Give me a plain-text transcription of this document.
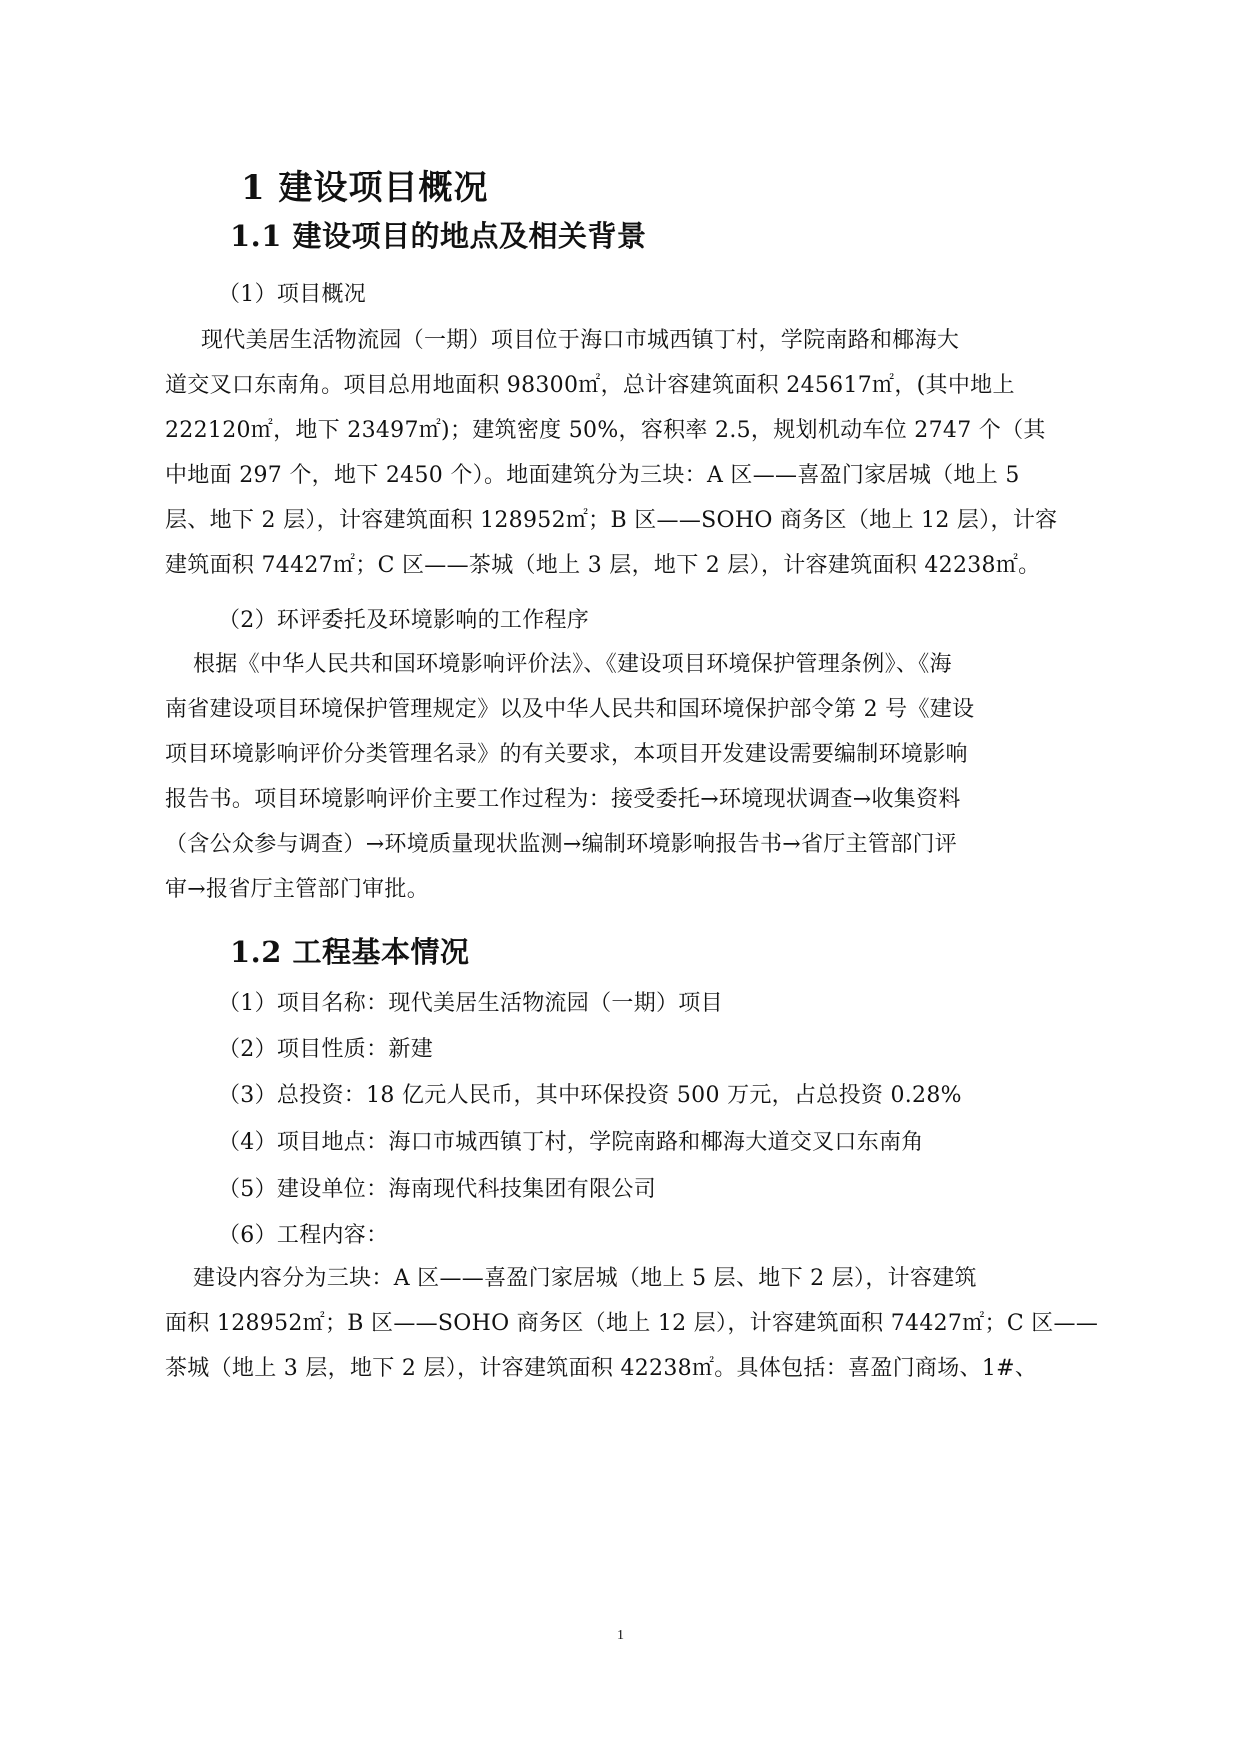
1 建设项目概况
1.1 建设项目的地点及相关背景
（1）项目概况
现代美居生活物流园（一期）项目位于海口市城西镇丁村，学院南路和椰海大
道交叉口东南角。项目总用地面积 98300㎡，总计容建筑面积 245617㎡，(其中地上
222120㎡，地下 23497㎡)；建筑密度 50%，容积率 2.5，规划机动车位 2747 个（其
中地面 297 个，地下 2450 个）。地面建筑分为三块：A 区——喜盈门家居城（地上 5
层、地下 2 层），计容建筑面积 128952㎡；B 区——SOHO 商务区（地上 12 层），计容
建筑面积 74427㎡；C 区——茶城（地上 3 层，地下 2 层），计容建筑面积 42238㎡。
（2）环评委托及环境影响的工作程序
根据《中华人民共和国环境影响评价法》、《建设项目环境保护管理条例》、《海
南省建设项目环境保护管理规定》以及中华人民共和国环境保护部令第 2 号《建设
项目环境影响评价分类管理名录》的有关要求，本项目开发建设需要编制环境影响
报告书。项目环境影响评价主要工作过程为：接受委托→环境现状调查→收集资料
（含公众参与调查）→环境质量现状监测→编制环境影响报告书→省厅主管部门评
审→报省厅主管部门审批。
1.2 工程基本情况
（1）项目名称：现代美居生活物流园（一期）项目
（2）项目性质：新建
（3）总投资：18 亿元人民币，其中环保投资 500 万元，占总投资 0.28%
（4）项目地点：海口市城西镇丁村，学院南路和椰海大道交叉口东南角
（5）建设单位：海南现代科技集团有限公司
（6）工程内容：
建设内容分为三块：A 区——喜盈门家居城（地上 5 层、地下 2 层），计容建筑
面积 128952㎡；B 区——SOHO 商务区（地上 12 层），计容建筑面积 74427㎡；C 区——
茶城（地上 3 层，地下 2 层），计容建筑面积 42238㎡。具体包括：喜盈门商场、1#、
1
